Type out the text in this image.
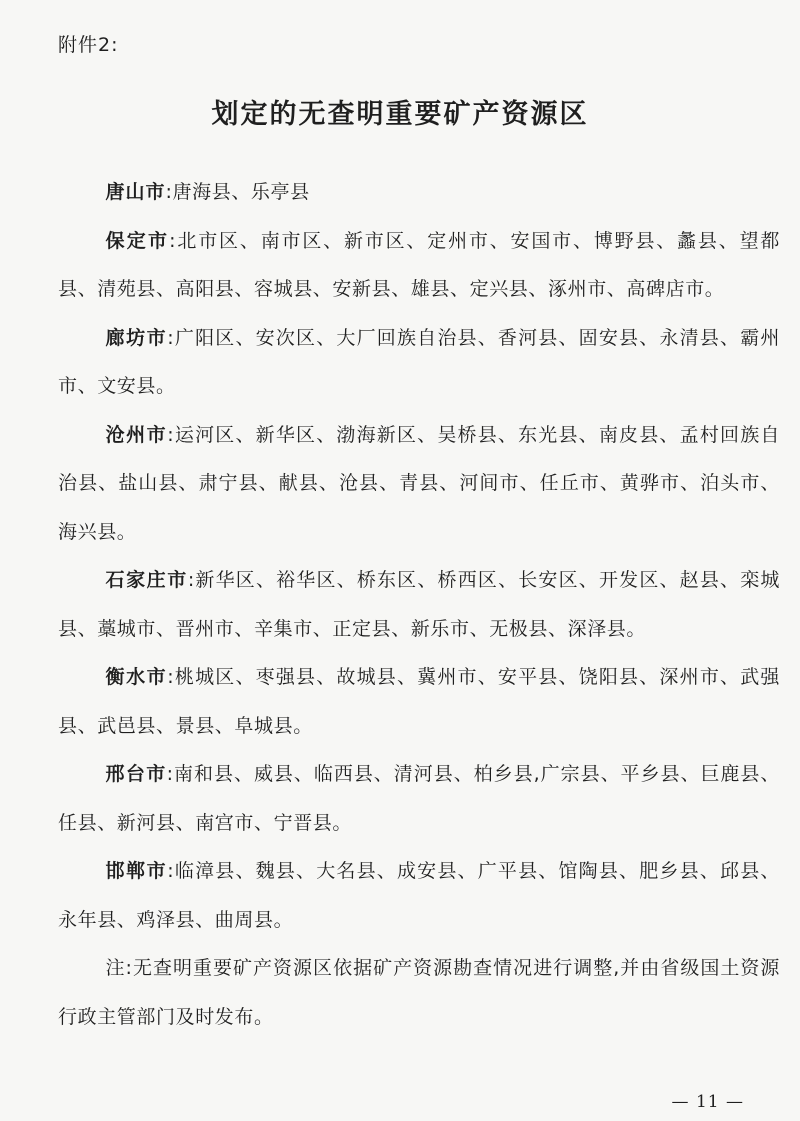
附件2:
划定的无查明重要矿产资源区

唐山市:唐海县、乐亭县

保定市:北市区、南市区、新市区、定州市、安国市、博野县、蠡县、望都县、清苑县、高阳县、容城县、安新县、雄县、定兴县、涿州市、高碑店市。

廊坊市:广阳区、安次区、大厂回族自治县、香河县、固安县、永清县、霸州市、文安县。

沧州市:运河区、新华区、渤海新区、吴桥县、东光县、南皮县、孟村回族自治县、盐山县、肃宁县、献县、沧县、青县、河间市、任丘市、黄骅市、泊头市、海兴县。

石家庄市:新华区、裕华区、桥东区、桥西区、长安区、开发区、赵县、栾城县、藁城市、晋州市、辛集市、正定县、新乐市、无极县、深泽县。

衡水市:桃城区、枣强县、故城县、冀州市、安平县、饶阳县、深州市、武强县、武邑县、景县、阜城县。

邢台市:南和县、威县、临西县、清河县、柏乡县,广宗县、平乡县、巨鹿县、任县、新河县、南宫市、宁晋县。

邯郸市:临漳县、魏县、大名县、成安县、广平县、馆陶县、肥乡县、邱县、永年县、鸡泽县、曲周县。

注:无查明重要矿产资源区依据矿产资源勘查情况进行调整,并由省级国土资源行政主管部门及时发布。

— 11 —
